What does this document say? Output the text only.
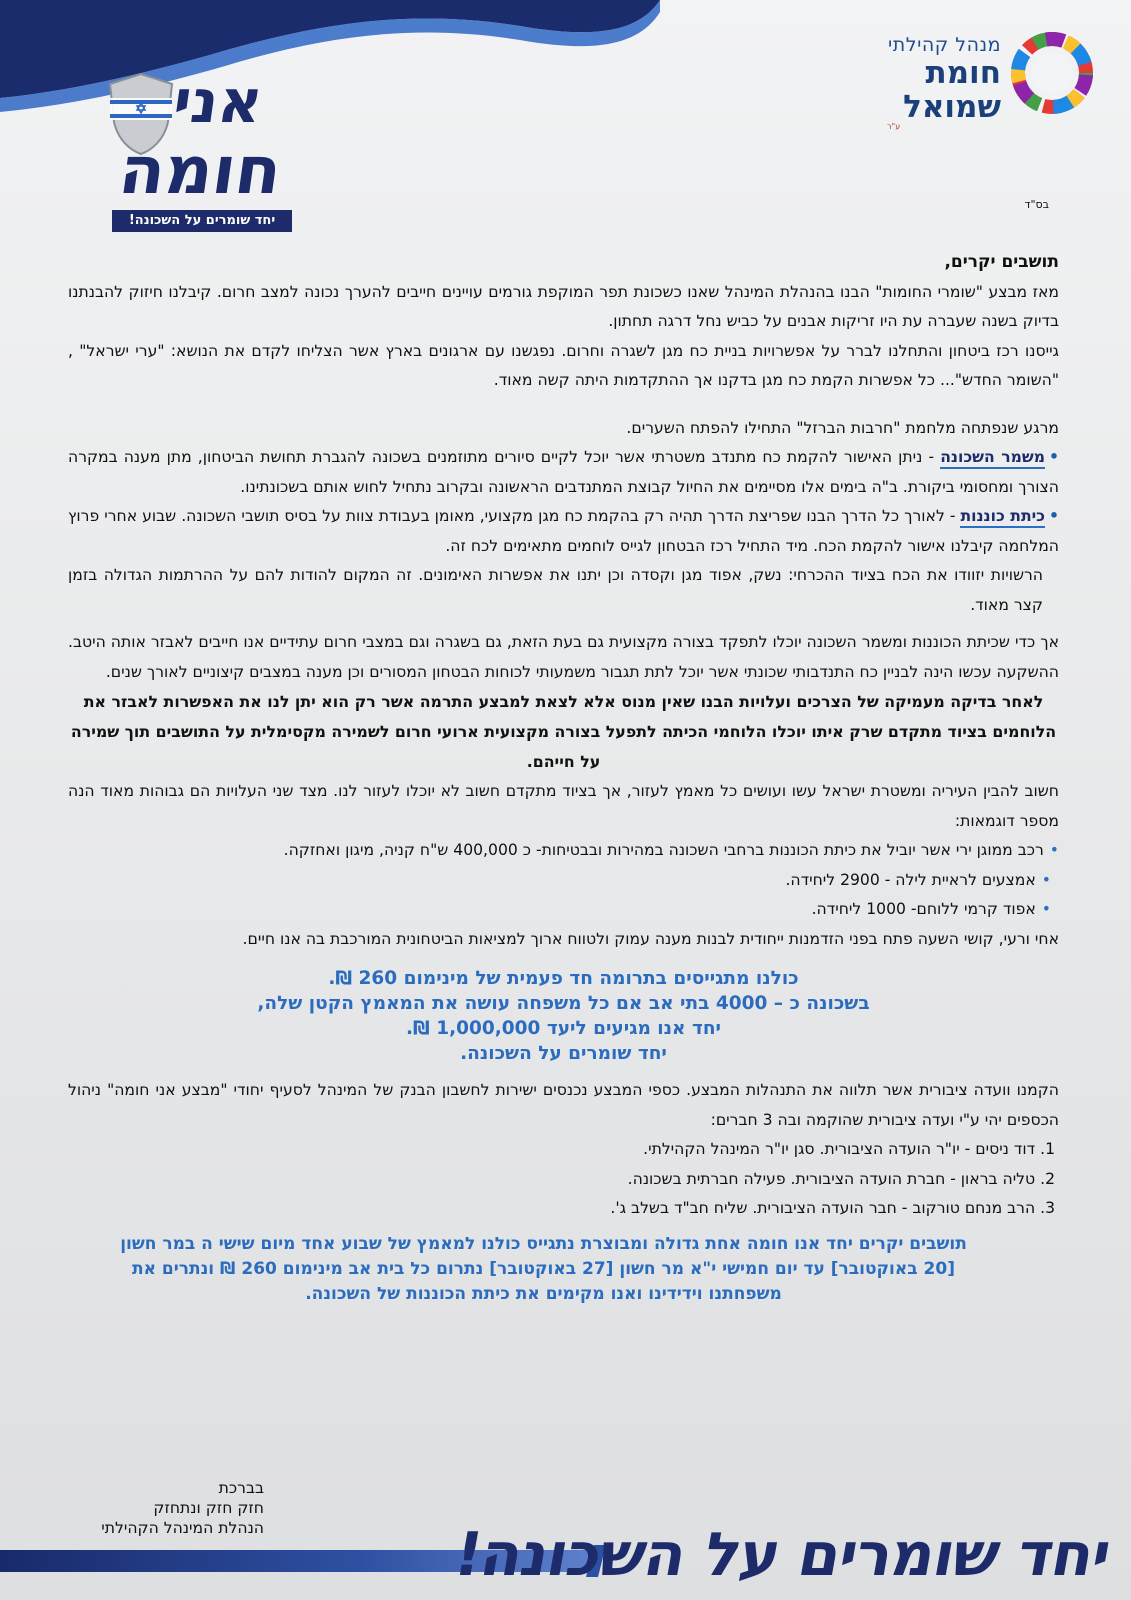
מנהל קהילתי
חומת שמואל
ע"ר
אני
חומה
יחד שומרים על השכונה!
בס"ד

תושבים יקרים,

מאז מבצע "שומרי החומות" הבנו בהנהלת המינהל שאנו כשכונת תפר המוקפת גורמים עויינים חייבים להערך נכונה למצב חרום. קיבלנו חיזוק להבנתנו בדיוק בשנה שעברה עת היו זריקות אבנים על כביש נחל דרגה תחתון.

גייסנו רכז ביטחון והתחלנו לברר על אפשרויות בניית כח מגן לשגרה וחרום. נפגשנו עם ארגונים בארץ אשר הצליחו לקדם את הנושא: "ערי ישראל" , "השומר החדש"... כל אפשרות הקמת כח מגן בדקנו אך ההתקדמות היתה קשה מאוד.

מרגע שנפתחה מלחמת "חרבות הברזל" התחילו להפתח השערים.

•משמר השכונה - ניתן האישור להקמת כח מתנדב משטרתי אשר יוכל לקיים סיורים מתוזמנים בשכונה להגברת תחושת הביטחון, מתן מענה במקרה הצורך ומחסומי ביקורת. ב"ה בימים אלו מסיימים את החיול קבוצת המתנדבים הראשונה ובקרוב נתחיל לחוש אותם בשכונתינו.

•כיתת כוננות - לאורך כל הדרך הבנו שפריצת הדרך תהיה רק בהקמת כח מגן מקצועי, מאומן בעבודת צוות על בסיס תושבי השכונה. שבוע אחרי פרוץ המלחמה קיבלנו אישור להקמת הכח. מיד התחיל רכז הבטחון לגייס לוחמים מתאימים לכח זה.

הרשויות יזוודו את הכח בציוד ההכרחי: נשק, אפוד מגן וקסדה וכן יתנו את אפשרות האימונים. זה המקום להודות להם על ההרתמות הגדולה בזמן קצר מאוד.

אך כדי שכיתת הכוננות ומשמר השכונה יוכלו לתפקד בצורה מקצועית גם בעת הזאת, גם בשגרה וגם במצבי חרום עתידיים אנו חייבים לאבזר אותה היטב. ההשקעה עכשו הינה לבניין כח התנדבותי שכונתי אשר יוכל לתת תגבור משמעותי לכוחות הבטחון המסורים וכן מענה במצבים קיצוניים לאורך שנים.

לאחר בדיקה מעמיקה של הצרכים ועלויות הבנו שאין מנוס אלא לצאת למבצע התרמה אשר רק הוא יתן לנו את האפשרות לאבזר את הלוחמים בציוד מתקדם שרק איתו יוכלו הלוחמי הכיתה לתפעל בצורה מקצועית ארועי חרום לשמירה מקסימלית על התושבים תוך שמירה על חייהם.

חשוב להבין העיריה ומשטרת ישראל עשו ועושים כל מאמץ לעזור, אך בציוד מתקדם חשוב לא יוכלו לעזור לנו. מצד שני העלויות הם גבוהות מאוד הנה מספר דוגמאות:

•רכב ממוגן ירי אשר יוביל את כיתת הכוננות ברחבי השכונה במהירות ובבטיחות- כ 400,000 ש"ח קניה, מיגון ואחזקה.

•אמצעים לראיית לילה - 2900 ליחידה.

•אפוד קרמי ללוחם- 1000 ליחידה.

אחי ורעי, קושי השעה פתח בפני הזדמנות ייחודית לבנות מענה עמוק ולטווח ארוך למציאות הביטחונית המורכבת בה אנו חיים.

כולנו מתגייסים בתרומה חד פעמית של מינימום 260 ₪.
בשכונה כ – 4000 בתי אב אם כל משפחה עושה את המאמץ הקטן שלה,
יחד אנו מגיעים ליעד 1,000,000 ₪.
יחד שומרים על השכונה.

הקמנו וועדה ציבורית אשר תלווה את התנהלות המבצע. כספי המבצע נכנסים ישירות לחשבון הבנק של המינהל לסעיף יחודי "מבצע אני חומה" ניהול הכספים יהי ע"י ועדה ציבורית שהוקמה ובה 3 חברים:

1. דוד ניסים - יו"ר הועדה הציבורית. סגן יו"ר המינהל הקהילתי.

2. טליה בראון - חברת הועדה הציבורית. פעילה חברתית בשכונה.

3. הרב מנחם טורקוב - חבר הועדה הציבורית. שליח חב"ד בשלב ג'.

תושבים יקרים יחד אנו חומה אחת גדולה ומבוצרת נתגייס כולנו למאמץ של שבוע אחד מיום שישי ה במר חשון
[20 באוקטובר] עד יום חמישי י"א מר חשון [27 באוקטובר] נתרום כל בית אב מינימום 260 ₪ ונתרים את
משפחתנו וידידינו ואנו מקימים את כיתת הכוננות של השכונה.
בברכת
חזק חזק ונתחזק
הנהלת המינהל הקהילתי	יחד שומרים על השכונה!
